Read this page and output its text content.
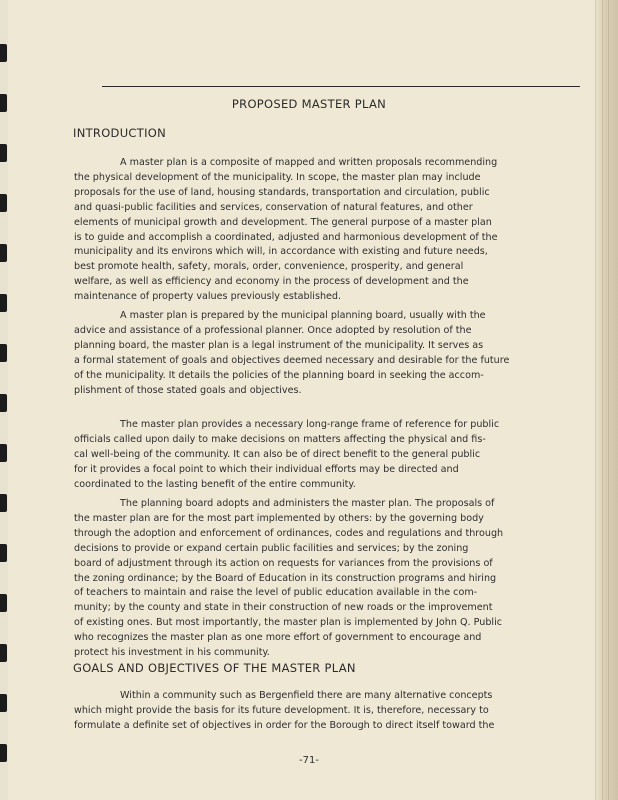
PROPOSED MASTER PLAN
INTRODUCTION
A master plan is a composite of mapped and written proposals recommending
the physical development of the municipality. In scope, the master plan may include
proposals for the use of land, housing standards, transportation and circulation, public
and quasi-public facilities and services, conservation of natural features, and other
elements of municipal growth and development. The general purpose of a master plan
is to guide and accomplish a coordinated, adjusted and harmonious development of the
municipality and its environs which will, in accordance with existing and future needs,
best promote health, safety, morals, order, convenience, prosperity, and general
welfare, as well as efficiency and economy in the process of development and the
maintenance of property values previously established.
A master plan is prepared by the municipal planning board, usually with the
advice and assistance of a professional planner. Once adopted by resolution of the
planning board, the master plan is a legal instrument of the municipality. It serves as
a formal statement of goals and objectives deemed necessary and desirable for the future
of the municipality. It details the policies of the planning board in seeking the accom-
plishment of those stated goals and objectives.
The master plan provides a necessary long-range frame of reference for public
officials called upon daily to make decisions on matters affecting the physical and fis-
cal well-being of the community. It can also be of direct benefit to the general public
for it provides a focal point to which their individual efforts may be directed and
coordinated to the lasting benefit of the entire community.
The planning board adopts and administers the master plan. The proposals of
the master plan are for the most part implemented by others: by the governing body
through the adoption and enforcement of ordinances, codes and regulations and through
decisions to provide or expand certain public facilities and services; by the zoning
board of adjustment through its action on requests for variances from the provisions of
the zoning ordinance; by the Board of Education in its construction programs and hiring
of teachers to maintain and raise the level of public education available in the com-
munity; by the county and state in their construction of new roads or the improvement
of existing ones. But most importantly, the master plan is implemented by John Q. Public
who recognizes the master plan as one more effort of government to encourage and
protect his investment in his community.
GOALS AND OBJECTIVES OF THE MASTER PLAN
Within a community such as Bergenfield there are many alternative concepts
which might provide the basis for its future development. It is, therefore, necessary to
formulate a definite set of objectives in order for the Borough to direct itself toward the
-71-
